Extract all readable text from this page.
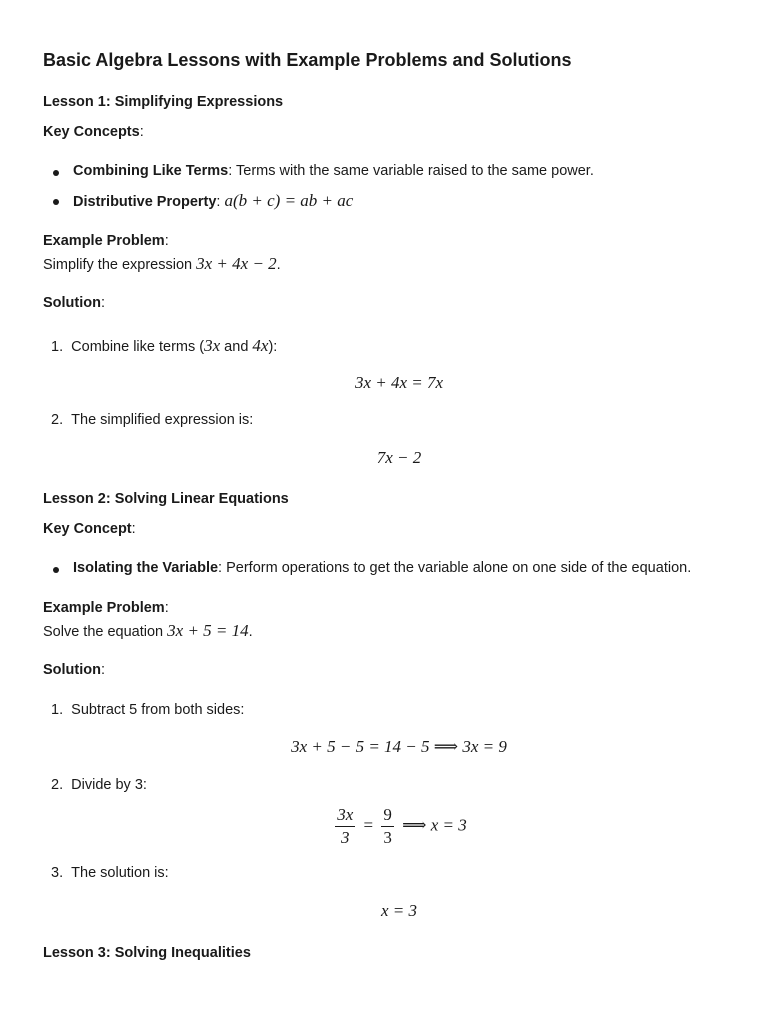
Basic Algebra Lessons with Example Problems and Solutions
Lesson 1: Simplifying Expressions
Key Concepts:
Combining Like Terms: Terms with the same variable raised to the same power.
Distributive Property: a(b + c) = ab + ac
Example Problem:
Simplify the expression 3x + 4x − 2.
Solution:
1. Combine like terms (3x and 4x):
3x + 4x = 7x
2. The simplified expression is:
7x − 2
Lesson 2: Solving Linear Equations
Key Concept:
Isolating the Variable: Perform operations to get the variable alone on one side of the equation.
Example Problem:
Solve the equation 3x + 5 = 14.
Solution:
1. Subtract 5 from both sides:
3x + 5 − 5 = 14 − 5 ⟹ 3x = 9
2. Divide by 3:
$\frac{3x}{3} = \frac{9}{3}$ ⟹ x = 3
3. The solution is:
x = 3
Lesson 3: Solving Inequalities
